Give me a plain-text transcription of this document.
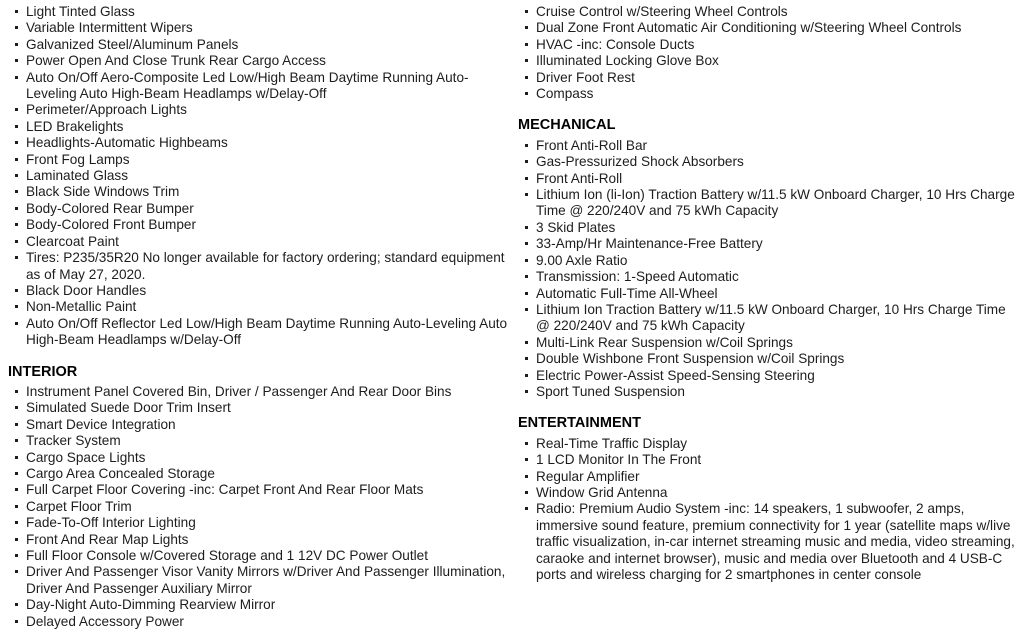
Light Tinted Glass
Variable Intermittent Wipers
Galvanized Steel/Aluminum Panels
Power Open And Close Trunk Rear Cargo Access
Auto On/Off Aero-Composite Led Low/High Beam Daytime Running Auto-Leveling Auto High-Beam Headlamps w/Delay-Off
Perimeter/Approach Lights
LED Brakelights
Headlights-Automatic Highbeams
Front Fog Lamps
Laminated Glass
Black Side Windows Trim
Body-Colored Rear Bumper
Body-Colored Front Bumper
Clearcoat Paint
Tires: P235/35R20 No longer available for factory ordering; standard equipment as of May 27, 2020.
Black Door Handles
Non-Metallic Paint
Auto On/Off Reflector Led Low/High Beam Daytime Running Auto-Leveling Auto High-Beam Headlamps w/Delay-Off
INTERIOR
Instrument Panel Covered Bin, Driver / Passenger And Rear Door Bins
Simulated Suede Door Trim Insert
Smart Device Integration
Tracker System
Cargo Space Lights
Cargo Area Concealed Storage
Full Carpet Floor Covering -inc: Carpet Front And Rear Floor Mats
Carpet Floor Trim
Fade-To-Off Interior Lighting
Front And Rear Map Lights
Full Floor Console w/Covered Storage and 1 12V DC Power Outlet
Driver And Passenger Visor Vanity Mirrors w/Driver And Passenger Illumination, Driver And Passenger Auxiliary Mirror
Day-Night Auto-Dimming Rearview Mirror
Delayed Accessory Power
Cruise Control w/Steering Wheel Controls
Dual Zone Front Automatic Air Conditioning w/Steering Wheel Controls
HVAC -inc: Console Ducts
Illuminated Locking Glove Box
Driver Foot Rest
Compass
MECHANICAL
Front Anti-Roll Bar
Gas-Pressurized Shock Absorbers
Front Anti-Roll
Lithium Ion (li-Ion) Traction Battery w/11.5 kW Onboard Charger, 10 Hrs Charge Time @ 220/240V and 75 kWh Capacity
3 Skid Plates
33-Amp/Hr Maintenance-Free Battery
9.00 Axle Ratio
Transmission: 1-Speed Automatic
Automatic Full-Time All-Wheel
Lithium Ion Traction Battery w/11.5 kW Onboard Charger, 10 Hrs Charge Time @ 220/240V and 75 kWh Capacity
Multi-Link Rear Suspension w/Coil Springs
Double Wishbone Front Suspension w/Coil Springs
Electric Power-Assist Speed-Sensing Steering
Sport Tuned Suspension
ENTERTAINMENT
Real-Time Traffic Display
1 LCD Monitor In The Front
Regular Amplifier
Window Grid Antenna
Radio: Premium Audio System -inc: 14 speakers, 1 subwoofer, 2 amps, immersive sound feature, premium connectivity for 1 year (satellite maps w/live traffic visualization, in-car internet streaming music and media, video streaming, caraoke and internet browser), music and media over Bluetooth and 4 USB-C ports and wireless charging for 2 smartphones in center console
